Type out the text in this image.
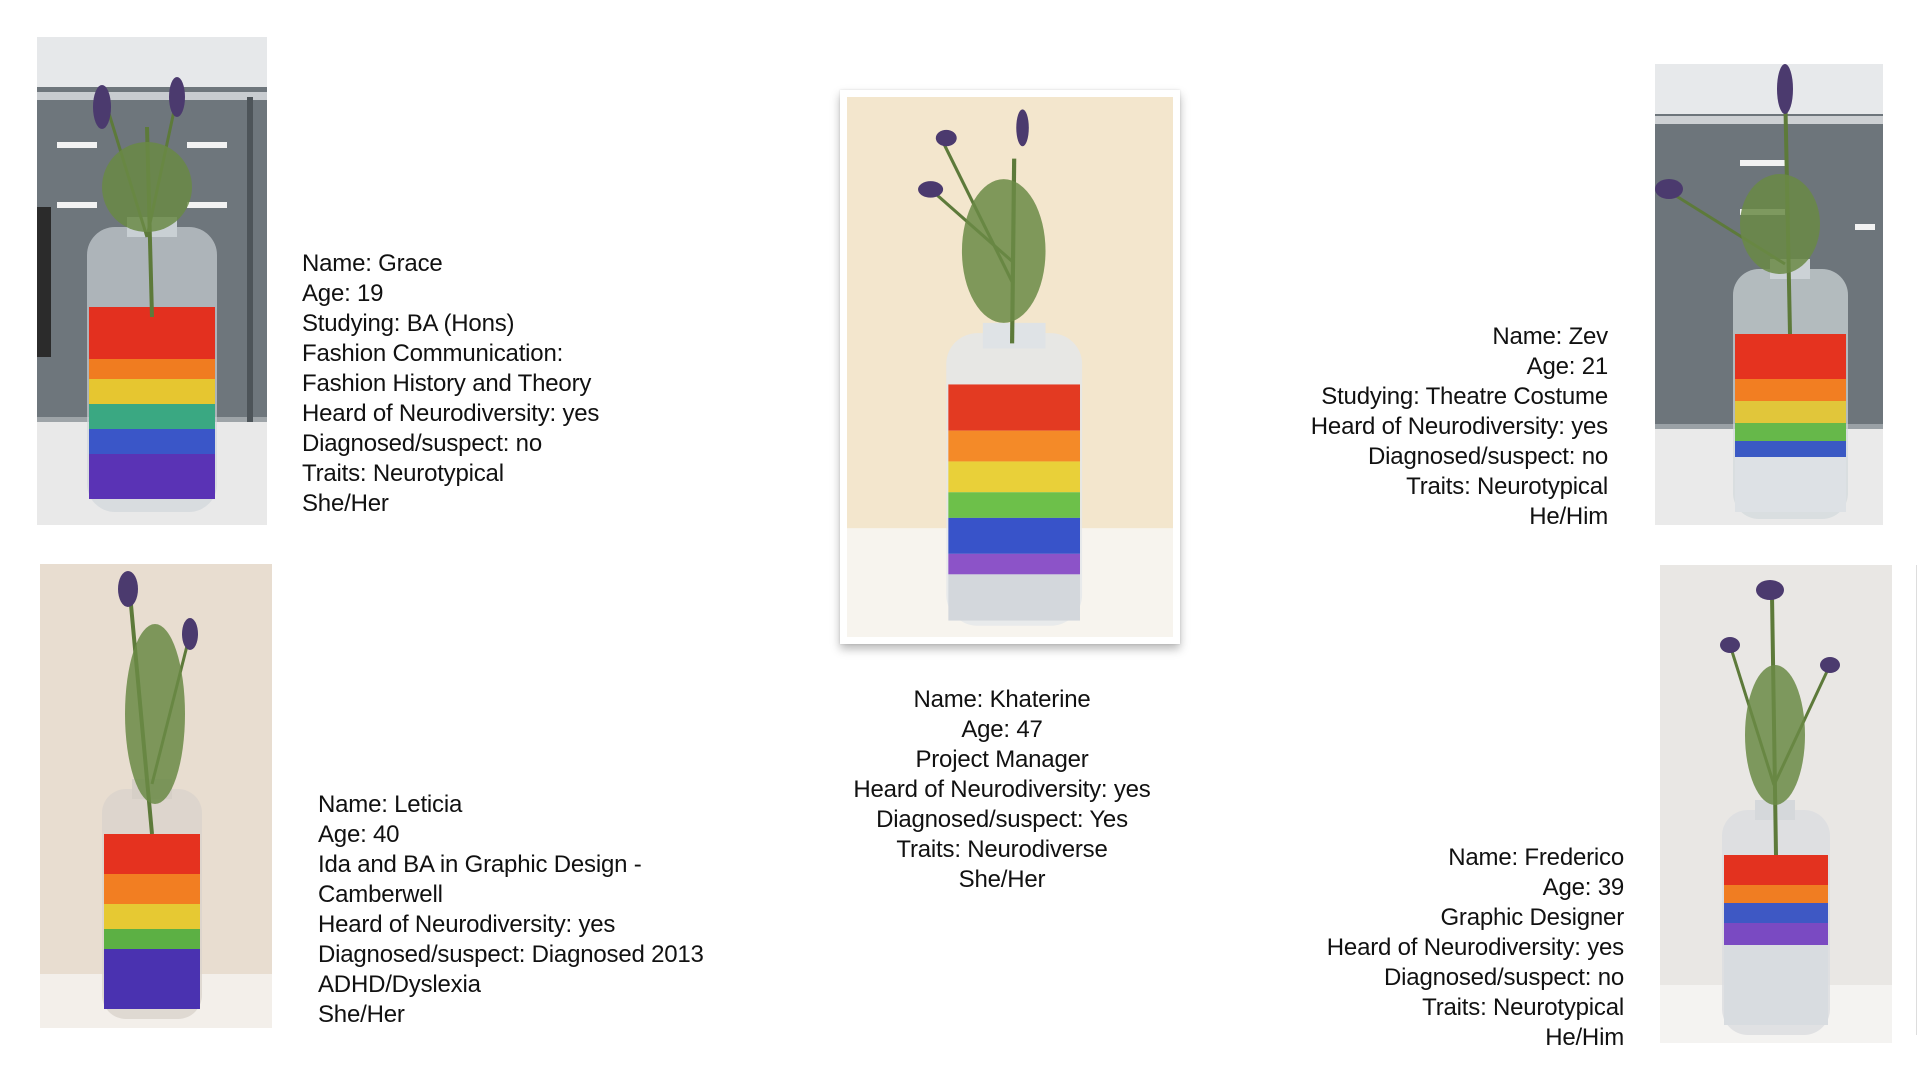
Name: Grace
Age: 19
Studying: BA (Hons)
Fashion Communication:
Fashion History and Theory
Heard of Neurodiversity: yes
Diagnosed/suspect: no
Traits: Neurotypical
She/Her
Name: Zev
Age: 21
Studying: Theatre Costume
Heard of Neurodiversity: yes
Diagnosed/suspect: no
Traits: Neurotypical
He/Him
Name: Khaterine
Age: 47
Project Manager
Heard of Neurodiversity: yes
Diagnosed/suspect: Yes
Traits: Neurodiverse
She/Her
Name: Leticia
Age: 40
Ida and BA in Graphic Design -
Camberwell
Heard of Neurodiversity: yes
Diagnosed/suspect: Diagnosed 2013
ADHD/Dyslexia
She/Her
Name: Frederico
Age: 39
Graphic Designer
Heard of Neurodiversity: yes
Diagnosed/suspect: no
Traits: Neurotypical
He/Him
